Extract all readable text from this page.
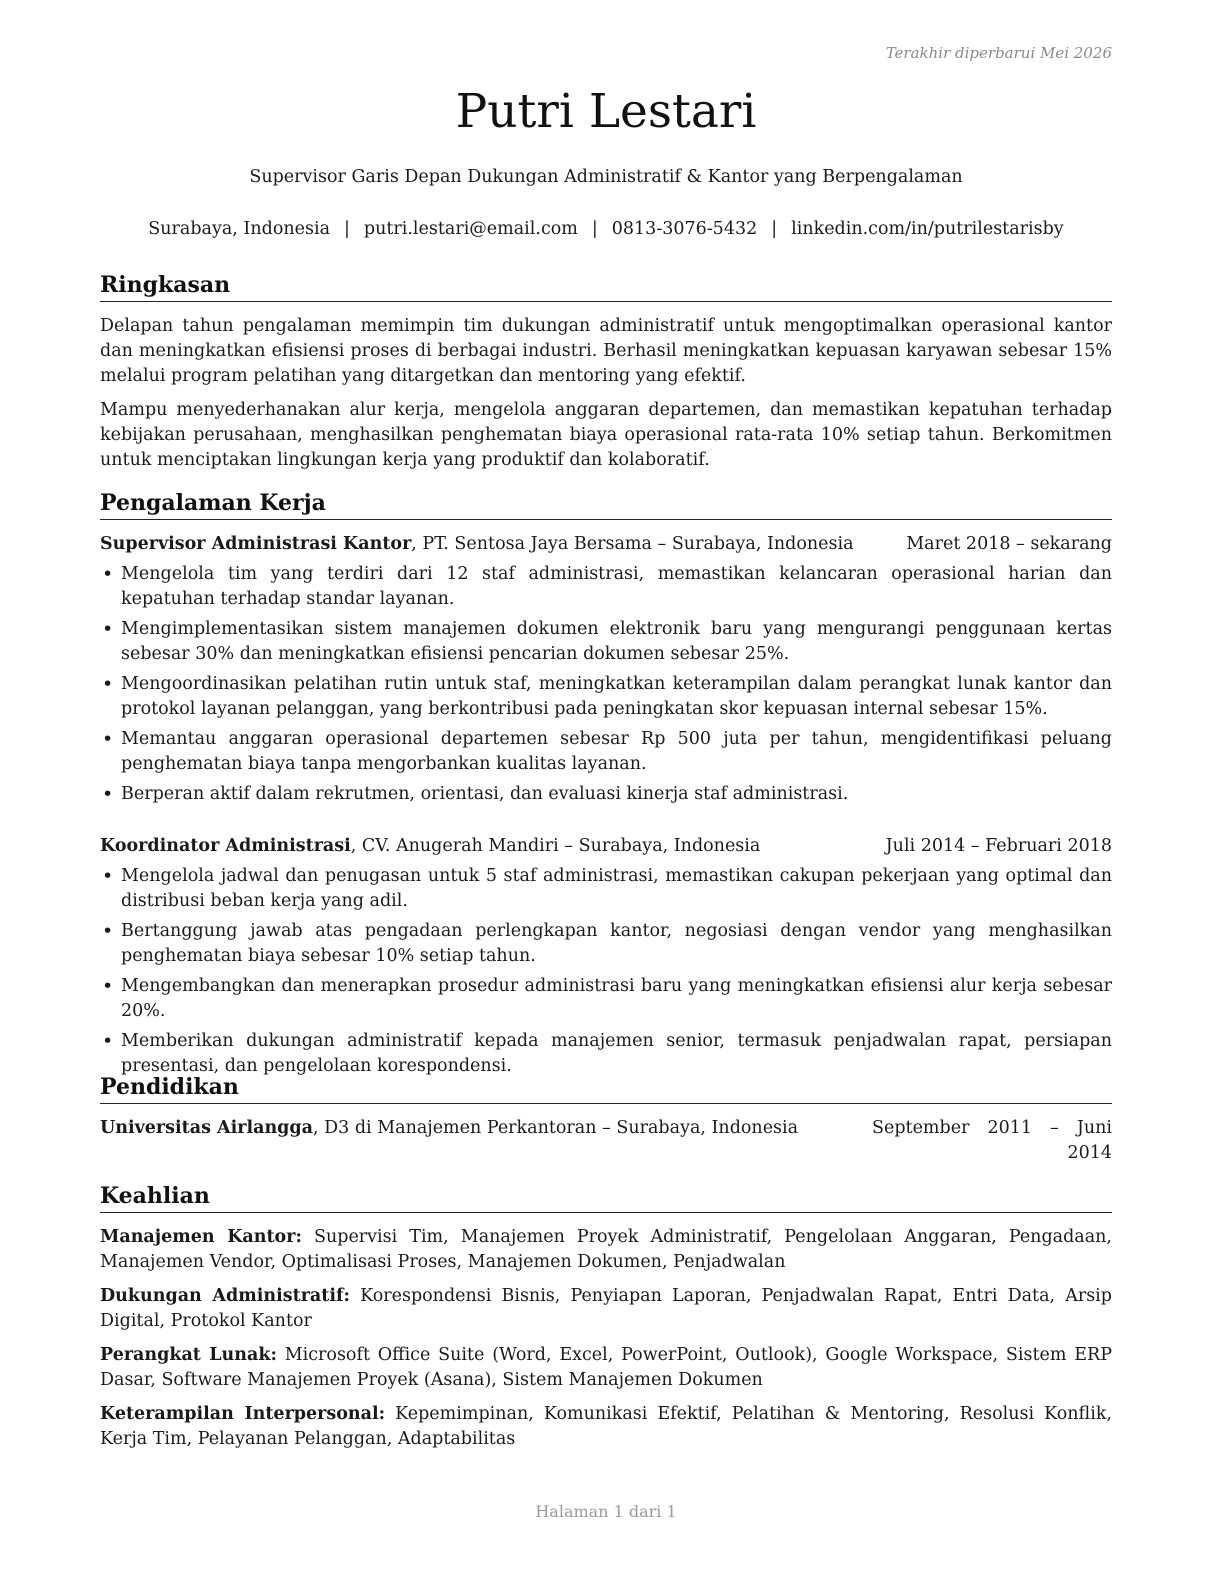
Terakhir diperbarui Mei 2026
Putri Lestari
Supervisor Garis Depan Dukungan Administratif & Kantor yang Berpengalaman
Surabaya, Indonesia | putri.lestari@email.com | 0813-3076-5432 | linkedin.com/in/putrilestarisby
Ringkasan
Delapan tahun pengalaman memimpin tim dukungan administratif untuk mengoptimalkan operasional kantor dan meningkatkan efisiensi proses di berbagai industri. Berhasil meningkatkan kepuasan karyawan sebesar 15% melalui program pelatihan yang ditargetkan dan mentoring yang efektif.
Mampu menyederhanakan alur kerja, mengelola anggaran departemen, dan memastikan kepatuhan terhadap kebijakan perusahaan, menghasilkan penghematan biaya operasional rata-rata 10% setiap tahun. Berkomitmen untuk menciptakan lingkungan kerja yang produktif dan kolaboratif.
Pengalaman Kerja
Supervisor Administrasi Kantor, PT. Sentosa Jaya Bersama – Surabaya, Indonesia	Maret 2018 – sekarang
• Mengelola tim yang terdiri dari 12 staf administrasi, memastikan kelancaran operasional harian dan kepatuhan terhadap standar layanan.
• Mengimplementasikan sistem manajemen dokumen elektronik baru yang mengurangi penggunaan kertas sebesar 30% dan meningkatkan efisiensi pencarian dokumen sebesar 25%.
• Mengoordinasikan pelatihan rutin untuk staf, meningkatkan keterampilan dalam perangkat lunak kantor dan protokol layanan pelanggan, yang berkontribusi pada peningkatan skor kepuasan internal sebesar 15%.
• Memantau anggaran operasional departemen sebesar Rp 500 juta per tahun, mengidentifikasi peluang penghematan biaya tanpa mengorbankan kualitas layanan.
• Berperan aktif dalam rekrutmen, orientasi, dan evaluasi kinerja staf administrasi.
Koordinator Administrasi, CV. Anugerah Mandiri – Surabaya, Indonesia	Juli 2014 – Februari 2018
• Mengelola jadwal dan penugasan untuk 5 staf administrasi, memastikan cakupan pekerjaan yang optimal dan distribusi beban kerja yang adil.
• Bertanggung jawab atas pengadaan perlengkapan kantor, negosiasi dengan vendor yang menghasilkan penghematan biaya sebesar 10% setiap tahun.
• Mengembangkan dan menerapkan prosedur administrasi baru yang meningkatkan efisiensi alur kerja sebesar 20%.
• Memberikan dukungan administratif kepada manajemen senior, termasuk penjadwalan rapat, persiapan presentasi, dan pengelolaan korespondensi.
Pendidikan
Universitas Airlangga, D3 di Manajemen Perkantoran – Surabaya, Indonesia	September 2011 – Juni 2014
Keahlian
Manajemen Kantor: Supervisi Tim, Manajemen Proyek Administratif, Pengelolaan Anggaran, Pengadaan, Manajemen Vendor, Optimalisasi Proses, Manajemen Dokumen, Penjadwalan
Dukungan Administratif: Korespondensi Bisnis, Penyiapan Laporan, Penjadwalan Rapat, Entri Data, Arsip Digital, Protokol Kantor
Perangkat Lunak: Microsoft Office Suite (Word, Excel, PowerPoint, Outlook), Google Workspace, Sistem ERP Dasar, Software Manajemen Proyek (Asana), Sistem Manajemen Dokumen
Keterampilan Interpersonal: Kepemimpinan, Komunikasi Efektif, Pelatihan & Mentoring, Resolusi Konflik, Kerja Tim, Pelayanan Pelanggan, Adaptabilitas
Halaman 1 dari 1
